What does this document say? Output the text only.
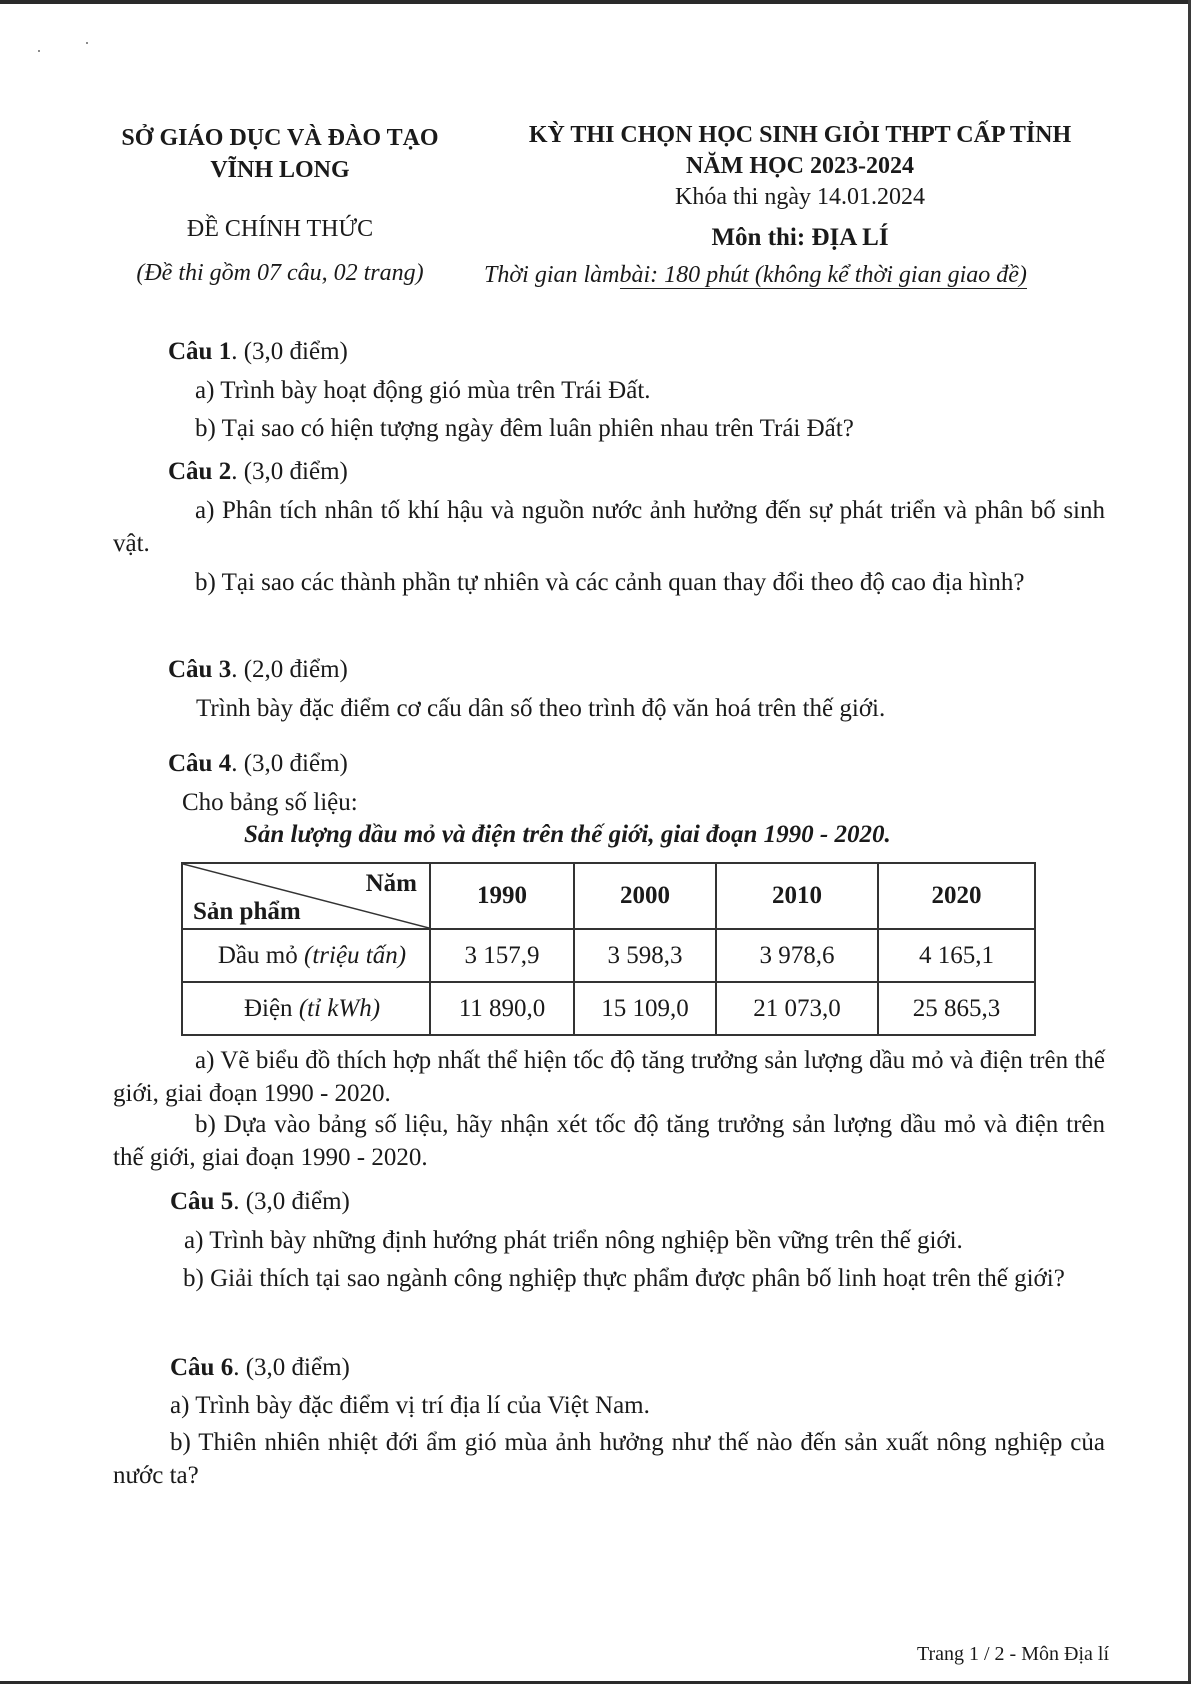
SỞ GIÁO DỤC VÀ ĐÀO TẠO
VĨNH LONG
ĐỀ CHÍNH THỨC
(Đề thi gồm 07 câu, 02 trang)
KỲ THI CHỌN HỌC SINH GIỎI THPT CẤP TỈNH
NĂM HỌC 2023-2024
Khóa thi ngày 14.01.2024
Môn thi: ĐỊA LÍ
Thời gian làmbài: 180 phút (không kể thời gian giao đề)
Câu 1. (3,0 điểm)
a) Trình bày hoạt động gió mùa trên Trái Đất.
b) Tại sao có hiện tượng ngày đêm luân phiên nhau trên Trái Đất?
Câu 2. (3,0 điểm)
a) Phân tích nhân tố khí hậu và nguồn nước ảnh hưởng đến sự phát triển và phân bố sinh vật.
b) Tại sao các thành phần tự nhiên và các cảnh quan thay đổi theo độ cao địa hình?
Câu 3. (2,0 điểm)
Trình bày đặc điểm cơ cấu dân số theo trình độ văn hoá trên thế giới.
Câu 4. (3,0 điểm)
Cho bảng số liệu:
Sản lượng dầu mỏ và điện trên thế giới, giai đoạn 1990 - 2020.
Năm
Sản phẩm	1990	2000	2010	2020
Dầu mỏ (triệu tấn)	3 157,9	3 598,3	3 978,6	4 165,1
Điện (tỉ kWh)	11 890,0	15 109,0	21 073,0	25 865,3
a) Vẽ biểu đồ thích hợp nhất thể hiện tốc độ tăng trưởng sản lượng dầu mỏ và điện trên thế giới, giai đoạn 1990 - 2020.
b) Dựa vào bảng số liệu, hãy nhận xét tốc độ tăng trưởng sản lượng dầu mỏ và điện trên thế giới, giai đoạn 1990 - 2020.
Câu 5. (3,0 điểm)
a) Trình bày những định hướng phát triển nông nghiệp bền vững trên thế giới.
b) Giải thích tại sao ngành công nghiệp thực phẩm được phân bố linh hoạt trên thế giới?
Câu 6. (3,0 điểm)
a) Trình bày đặc điểm vị trí địa lí của Việt Nam.
b) Thiên nhiên nhiệt đới ẩm gió mùa ảnh hưởng như thế nào đến sản xuất nông nghiệp của nước ta?
Trang 1 / 2 - Môn Địa lí
